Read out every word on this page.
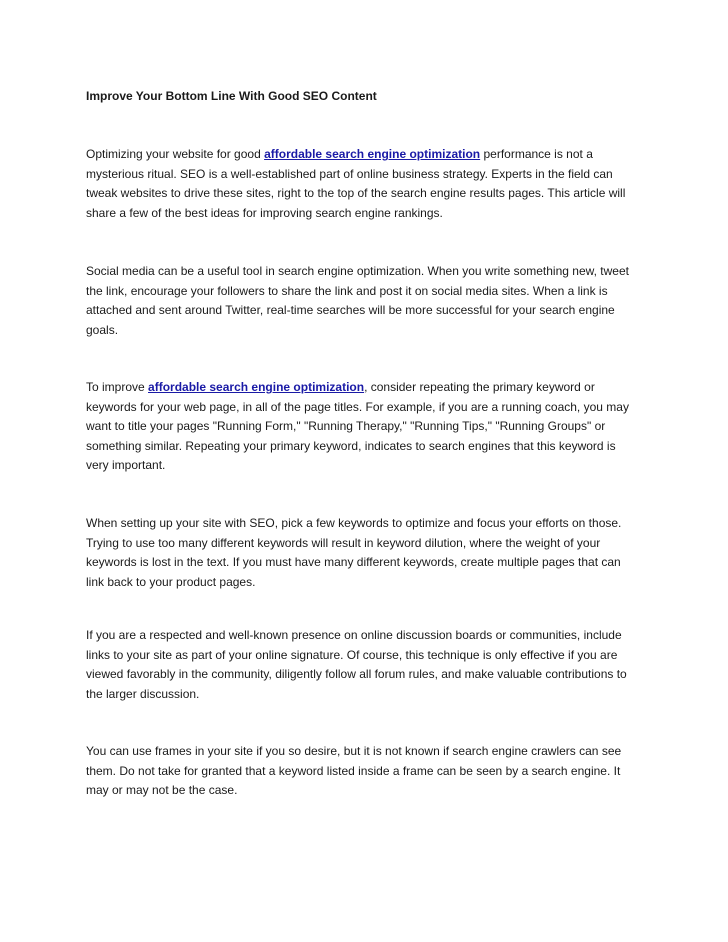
Improve Your Bottom Line With Good SEO Content

Optimizing your website for good affordable search engine optimization performance is not a
mysterious ritual. SEO is a well-established part of online business strategy. Experts in the field can
tweak websites to drive these sites, right to the top of the search engine results pages. This article will
share a few of the best ideas for improving search engine rankings.

Social media can be a useful tool in search engine optimization. When you write something new, tweet
the link, encourage your followers to share the link and post it on social media sites. When a link is
attached and sent around Twitter, real-time searches will be more successful for your search engine
goals.

To improve affordable search engine optimization, consider repeating the primary keyword or
keywords for your web page, in all of the page titles. For example, if you are a running coach, you may
want to title your pages "Running Form," "Running Therapy," "Running Tips," "Running Groups" or
something similar. Repeating your primary keyword, indicates to search engines that this keyword is
very important.

When setting up your site with SEO, pick a few keywords to optimize and focus your efforts on those.
Trying to use too many different keywords will result in keyword dilution, where the weight of your
keywords is lost in the text. If you must have many different keywords, create multiple pages that can
link back to your product pages.

If you are a respected and well-known presence on online discussion boards or communities, include
links to your site as part of your online signature. Of course, this technique is only effective if you are
viewed favorably in the community, diligently follow all forum rules, and make valuable contributions to
the larger discussion.

You can use frames in your site if you so desire, but it is not known if search engine crawlers can see
them. Do not take for granted that a keyword listed inside a frame can be seen by a search engine. It
may or may not be the case.
